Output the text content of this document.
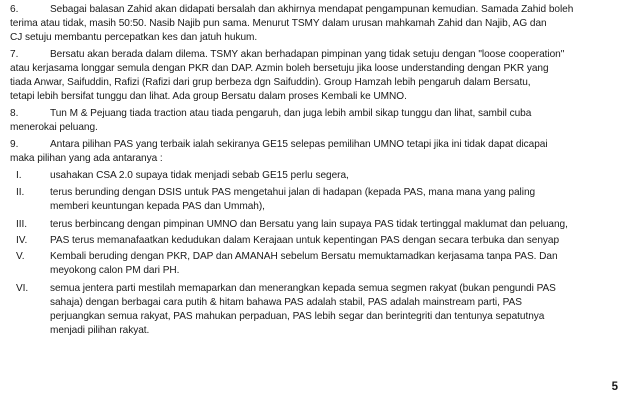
6.	Sebagai balasan Zahid akan didapati bersalah dan akhirnya mendapat pengampunan kemudian. Samada Zahid boleh
terima atau tidak, masih 50:50. Nasib Najib pun sama. Menurut TSMY dalam urusan mahkamah Zahid dan Najib, AG dan
CJ setuju membantu percepatkan kes dan jatuh hukum.
7.	Bersatu akan berada dalam dilema. TSMY akan berhadapan pimpinan yang tidak setuju dengan "loose cooperation"
atau kerjasama longgar semula dengan PKR dan DAP. Azmin boleh bersetuju jika loose understanding dengan PKR yang
tiada Anwar, Saifuddin, Rafizi (Rafizi dari grup berbeza dgn Saifuddin). Group Hamzah lebih pengaruh dalam Bersatu,
tetapi lebih bersifat tunggu dan lihat. Ada group Bersatu dalam proses Kembali ke UMNO.
8.	Tun M & Pejuang tiada traction atau tiada pengaruh, dan juga lebih ambil sikap tunggu dan lihat, sambil cuba
menerokai peluang.
9.	Antara pilihan PAS yang terbaik ialah sekiranya GE15 selepas pemilihan UMNO tetapi jika ini tidak dapat dicapai
maka pilihan yang ada antaranya :
I.	usahakan CSA 2.0 supaya tidak menjadi sebab GE15 perlu segera,
II.	terus berunding dengan DSIS untuk PAS mengetahui jalan di hadapan (kepada PAS, mana mana yang paling
memberi keuntungan kepada PAS dan Ummah),
III. terus berbincang dengan pimpinan UMNO dan Bersatu yang lain supaya PAS tidak tertinggal maklumat dan peluang,
IV. PAS terus memanafaatkan kedudukan dalam Kerajaan untuk kepentingan PAS dengan secara terbuka dan senyap
V.	Kembali beruding dengan PKR, DAP dan AMANAH sebelum Bersatu memuktamadkan kerjasama tanpa PAS. Dan
meyokong calon PM dari PH.
VI. semua jentera parti mestilah memaparkan dan menerangkan kepada semua segmen rakyat (bukan pengundi PAS
sahaja) dengan berbagai cara putih & hitam bahawa PAS adalah stabil, PAS adalah mainstream parti, PAS
perjuangkan semua rakyat, PAS mahukan perpaduan, PAS lebih segar dan berintegriti dan tentunya sepatutnya
menjadi pilihan rakyat.
5
